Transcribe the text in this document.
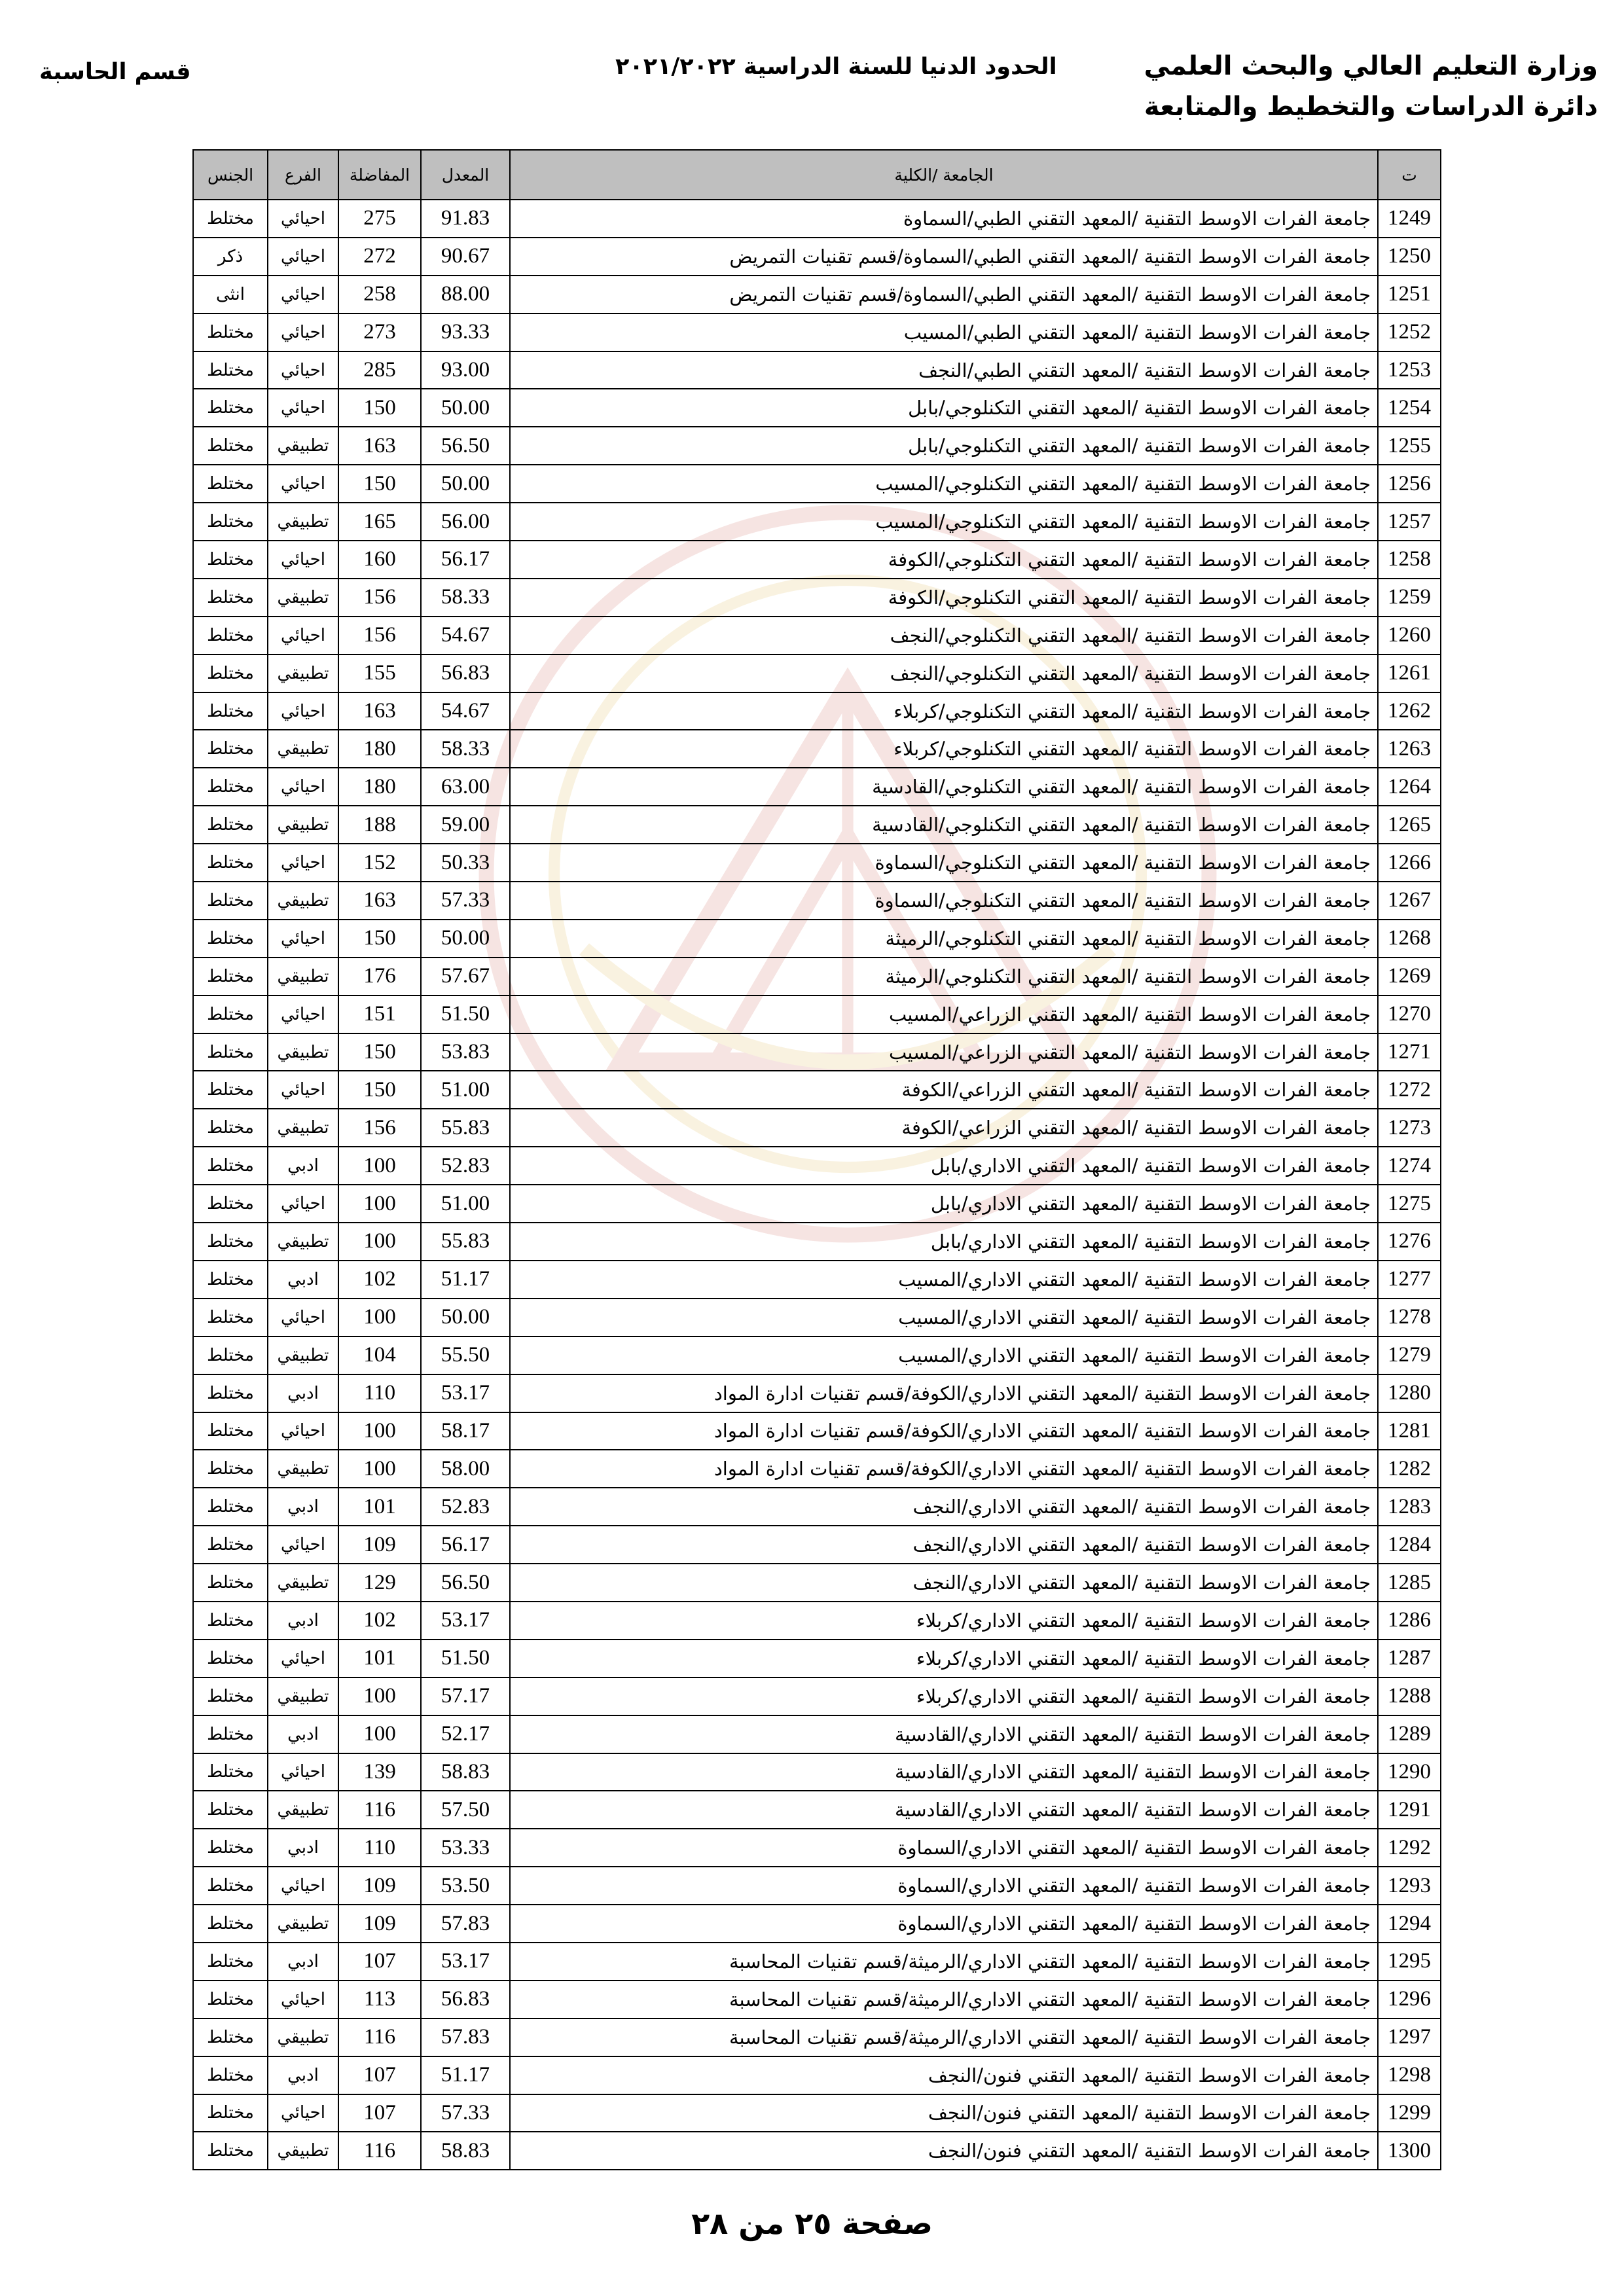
وزارة التعليم العالي والبحث العلمي
دائرة الدراسات والتخطيط والمتابعة
الحدود الدنيا للسنة الدراسية ٢٠٢١/٢٠٢٢
قسم الحاسبة
ت	الجامعة /الكلية	المعدل	المفاضلة	الفرع	الجنس
1249	جامعة الفرات الاوسط التقنية /المعهد التقني الطبي/السماوة	91.83	275	احيائي	مختلط
1250	جامعة الفرات الاوسط التقنية /المعهد التقني الطبي/السماوة/قسم تقنيات التمريض	90.67	272	احيائي	ذكر
1251	جامعة الفرات الاوسط التقنية /المعهد التقني الطبي/السماوة/قسم تقنيات التمريض	88.00	258	احيائي	انثى
1252	جامعة الفرات الاوسط التقنية /المعهد التقني الطبي/المسيب	93.33	273	احيائي	مختلط
1253	جامعة الفرات الاوسط التقنية /المعهد التقني الطبي/النجف	93.00	285	احيائي	مختلط
1254	جامعة الفرات الاوسط التقنية /المعهد التقني التكنلوجي/بابل	50.00	150	احيائي	مختلط
1255	جامعة الفرات الاوسط التقنية /المعهد التقني التكنلوجي/بابل	56.50	163	تطبيقي	مختلط
1256	جامعة الفرات الاوسط التقنية /المعهد التقني التكنلوجي/المسيب	50.00	150	احيائي	مختلط
1257	جامعة الفرات الاوسط التقنية /المعهد التقني التكنلوجي/المسيب	56.00	165	تطبيقي	مختلط
1258	جامعة الفرات الاوسط التقنية /المعهد التقني التكنلوجي/الكوفة	56.17	160	احيائي	مختلط
1259	جامعة الفرات الاوسط التقنية /المعهد التقني التكنلوجي/الكوفة	58.33	156	تطبيقي	مختلط
1260	جامعة الفرات الاوسط التقنية /المعهد التقني التكنلوجي/النجف	54.67	156	احيائي	مختلط
1261	جامعة الفرات الاوسط التقنية /المعهد التقني التكنلوجي/النجف	56.83	155	تطبيقي	مختلط
1262	جامعة الفرات الاوسط التقنية /المعهد التقني التكنلوجي/كربلاء	54.67	163	احيائي	مختلط
1263	جامعة الفرات الاوسط التقنية /المعهد التقني التكنلوجي/كربلاء	58.33	180	تطبيقي	مختلط
1264	جامعة الفرات الاوسط التقنية /المعهد التقني التكنلوجي/القادسية	63.00	180	احيائي	مختلط
1265	جامعة الفرات الاوسط التقنية /المعهد التقني التكنلوجي/القادسية	59.00	188	تطبيقي	مختلط
1266	جامعة الفرات الاوسط التقنية /المعهد التقني التكنلوجي/السماوة	50.33	152	احيائي	مختلط
1267	جامعة الفرات الاوسط التقنية /المعهد التقني التكنلوجي/السماوة	57.33	163	تطبيقي	مختلط
1268	جامعة الفرات الاوسط التقنية /المعهد التقني التكنلوجي/الرميثة	50.00	150	احيائي	مختلط
1269	جامعة الفرات الاوسط التقنية /المعهد التقني التكنلوجي/الرميثة	57.67	176	تطبيقي	مختلط
1270	جامعة الفرات الاوسط التقنية /المعهد التقني الزراعي/المسيب	51.50	151	احيائي	مختلط
1271	جامعة الفرات الاوسط التقنية /المعهد التقني الزراعي/المسيب	53.83	150	تطبيقي	مختلط
1272	جامعة الفرات الاوسط التقنية /المعهد التقني الزراعي/الكوفة	51.00	150	احيائي	مختلط
1273	جامعة الفرات الاوسط التقنية /المعهد التقني الزراعي/الكوفة	55.83	156	تطبيقي	مختلط
1274	جامعة الفرات الاوسط التقنية /المعهد التقني الاداري/بابل	52.83	100	ادبي	مختلط
1275	جامعة الفرات الاوسط التقنية /المعهد التقني الاداري/بابل	51.00	100	احيائي	مختلط
1276	جامعة الفرات الاوسط التقنية /المعهد التقني الاداري/بابل	55.83	100	تطبيقي	مختلط
1277	جامعة الفرات الاوسط التقنية /المعهد التقني الاداري/المسيب	51.17	102	ادبي	مختلط
1278	جامعة الفرات الاوسط التقنية /المعهد التقني الاداري/المسيب	50.00	100	احيائي	مختلط
1279	جامعة الفرات الاوسط التقنية /المعهد التقني الاداري/المسيب	55.50	104	تطبيقي	مختلط
1280	جامعة الفرات الاوسط التقنية /المعهد التقني الاداري/الكوفة/قسم تقنيات ادارة المواد	53.17	110	ادبي	مختلط
1281	جامعة الفرات الاوسط التقنية /المعهد التقني الاداري/الكوفة/قسم تقنيات ادارة المواد	58.17	100	احيائي	مختلط
1282	جامعة الفرات الاوسط التقنية /المعهد التقني الاداري/الكوفة/قسم تقنيات ادارة المواد	58.00	100	تطبيقي	مختلط
1283	جامعة الفرات الاوسط التقنية /المعهد التقني الاداري/النجف	52.83	101	ادبي	مختلط
1284	جامعة الفرات الاوسط التقنية /المعهد التقني الاداري/النجف	56.17	109	احيائي	مختلط
1285	جامعة الفرات الاوسط التقنية /المعهد التقني الاداري/النجف	56.50	129	تطبيقي	مختلط
1286	جامعة الفرات الاوسط التقنية /المعهد التقني الاداري/كربلاء	53.17	102	ادبي	مختلط
1287	جامعة الفرات الاوسط التقنية /المعهد التقني الاداري/كربلاء	51.50	101	احيائي	مختلط
1288	جامعة الفرات الاوسط التقنية /المعهد التقني الاداري/كربلاء	57.17	100	تطبيقي	مختلط
1289	جامعة الفرات الاوسط التقنية /المعهد التقني الاداري/القادسية	52.17	100	ادبي	مختلط
1290	جامعة الفرات الاوسط التقنية /المعهد التقني الاداري/القادسية	58.83	139	احيائي	مختلط
1291	جامعة الفرات الاوسط التقنية /المعهد التقني الاداري/القادسية	57.50	116	تطبيقي	مختلط
1292	جامعة الفرات الاوسط التقنية /المعهد التقني الاداري/السماوة	53.33	110	ادبي	مختلط
1293	جامعة الفرات الاوسط التقنية /المعهد التقني الاداري/السماوة	53.50	109	احيائي	مختلط
1294	جامعة الفرات الاوسط التقنية /المعهد التقني الاداري/السماوة	57.83	109	تطبيقي	مختلط
1295	جامعة الفرات الاوسط التقنية /المعهد التقني الاداري/الرميثة/قسم تقنيات المحاسبة	53.17	107	ادبي	مختلط
1296	جامعة الفرات الاوسط التقنية /المعهد التقني الاداري/الرميثة/قسم تقنيات المحاسبة	56.83	113	احيائي	مختلط
1297	جامعة الفرات الاوسط التقنية /المعهد التقني الاداري/الرميثة/قسم تقنيات المحاسبة	57.83	116	تطبيقي	مختلط
1298	جامعة الفرات الاوسط التقنية /المعهد التقني فنون/النجف	51.17	107	ادبي	مختلط
1299	جامعة الفرات الاوسط التقنية /المعهد التقني فنون/النجف	57.33	107	احيائي	مختلط
1300	جامعة الفرات الاوسط التقنية /المعهد التقني فنون/النجف	58.83	116	تطبيقي	مختلط
صفحة ٢٥ من ٢٨
